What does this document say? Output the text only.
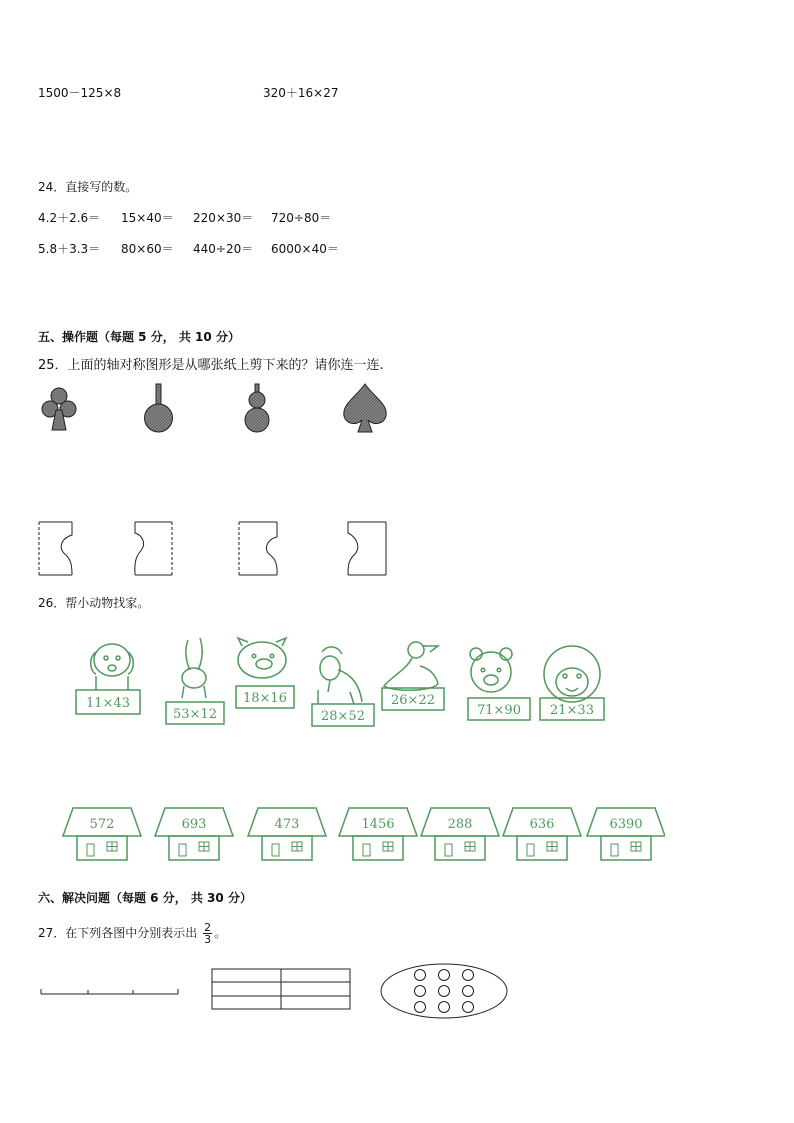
1500－125×8	320＋16×27
24．直接写的数。
4.2＋2.6＝ 15×40＝ 220×30＝ 720÷80＝
5.8＋3.3＝ 80×60＝ 440÷20＝ 6000×40＝
五、操作题（每题 5 分， 共 10 分）
25．上面的轴对称图形是从哪张纸上剪下来的？请你连一连.
26．帮小动物找家。
11×43
53×12
18×16
28×52
26×22
71×90 21×33
572	693	473	1456	288	636	6390
六、解决问题（每题 6 分， 共 30 分）
27．在下列各图中分别表示出 $\frac{2}{3}$ 。
